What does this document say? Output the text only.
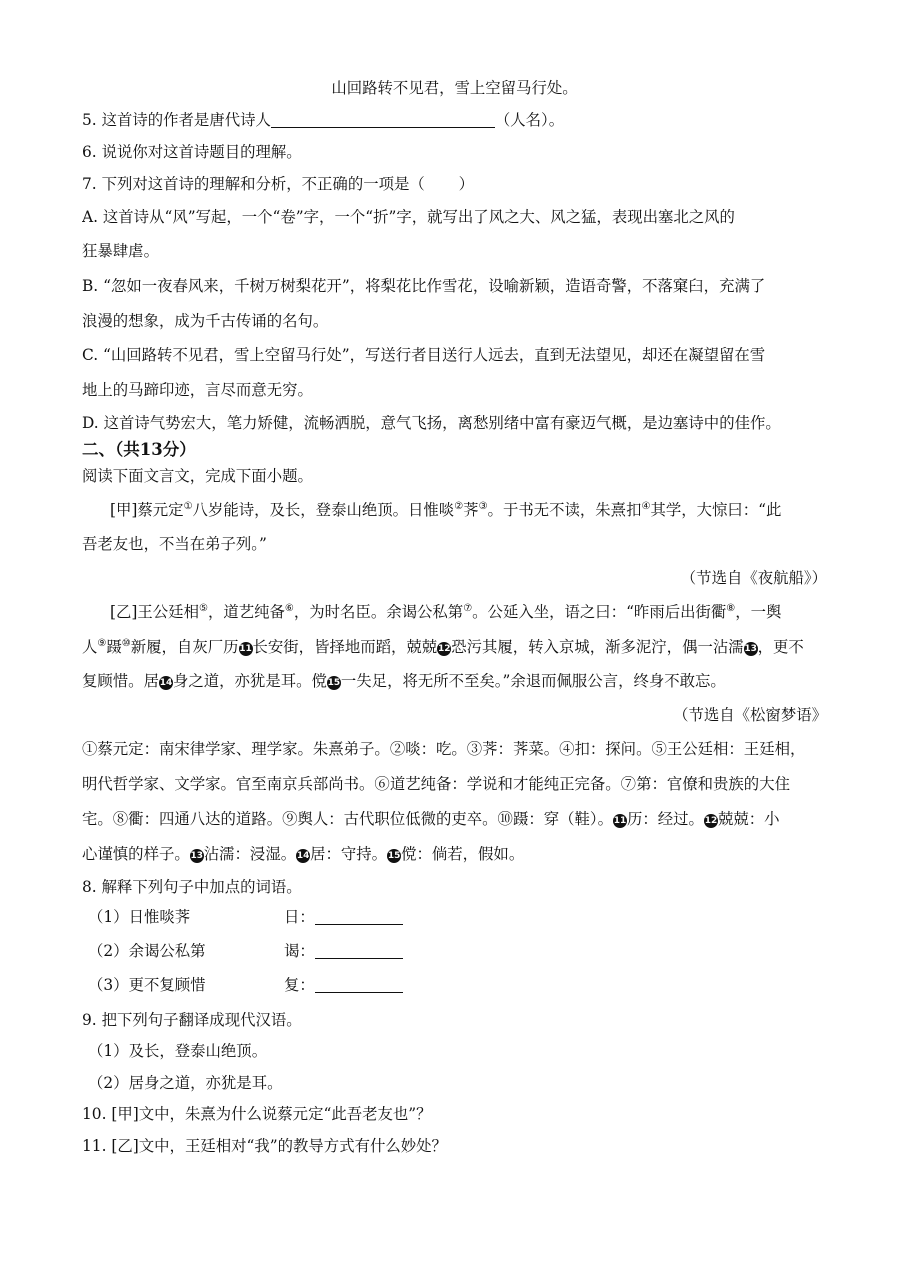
山回路转不见君，雪上空留马行处。
5. 这首诗的作者是唐代诗人	（人名）。
6. 说说你对这首诗题目的理解。
7. 下列对这首诗的理解和分析，不正确的一项是（ ）
A. 这首诗从“风”写起，一个“卷”字，一个“折”字，就写出了风之大、风之猛，表现出塞北之风的
狂暴肆虐。
B. “忽如一夜春风来，千树万树梨花开”，将梨花比作雪花，设喻新颖，造语奇警，不落窠臼，充满了
浪漫的想象，成为千古传诵的名句。
C. “山回路转不见君，雪上空留马行处”，写送行者目送行人远去，直到无法望见，却还在凝望留在雪
地上的马蹄印迹，言尽而意无穷。
D. 这首诗气势宏大，笔力矫健，流畅洒脱，意气飞扬，离愁别绪中富有豪迈气概，是边塞诗中的佳作。
二、（共13分）
阅读下面文言文，完成下面小题。
[甲]蔡元定①八岁能诗，及长，登泰山绝顶。日惟啖②荠③。于书无不读，朱熹扣④其学，大惊曰：“此
吾老友也，不当在弟子列。”
（节选自《夜航船》）
[乙]王公廷相⑤，道艺纯备⑥，为时名臣。余谒公私第⑦。公延入坐，语之曰：“昨雨后出街衢⑧，一舆
人⑨蹑⑩新履，自灰厂历11长安街，皆择地而蹈，兢兢12恐污其履，转入京城，渐多泥泞，偶一沾濡13，更不
复顾惜。居14身之道，亦犹是耳。傥15一失足，将无所不至矣。”余退而佩服公言，终身不敢忘。
（节选自《松窗梦语》
①蔡元定：南宋律学家、理学家。朱熹弟子。②啖：吃。③荠：荠菜。④扣：探问。⑤王公廷相：王廷相，
明代哲学家、文学家。官至南京兵部尚书。⑥道艺纯备：学说和才能纯正完备。⑦第：官僚和贵族的大住
宅。⑧衢：四通八达的道路。⑨舆人：古代职位低微的吏卒。⑩蹑：穿（鞋）。11历：经过。12兢兢：小
心谨慎的样子。13沾濡：浸湿。14居：守持。15傥：倘若，假如。
8. 解释下列句子中加点的词语。
（1）日惟啖荠	日：
（2）余谒公私第	谒：
（3）更不复顾惜	复：
9. 把下列句子翻译成现代汉语。
（1）及长，登泰山绝顶。
（2）居身之道，亦犹是耳。
10. [甲]文中，朱熹为什么说蔡元定“此吾老友也”？
11. [乙]文中，王廷相对“我”的教导方式有什么妙处？
